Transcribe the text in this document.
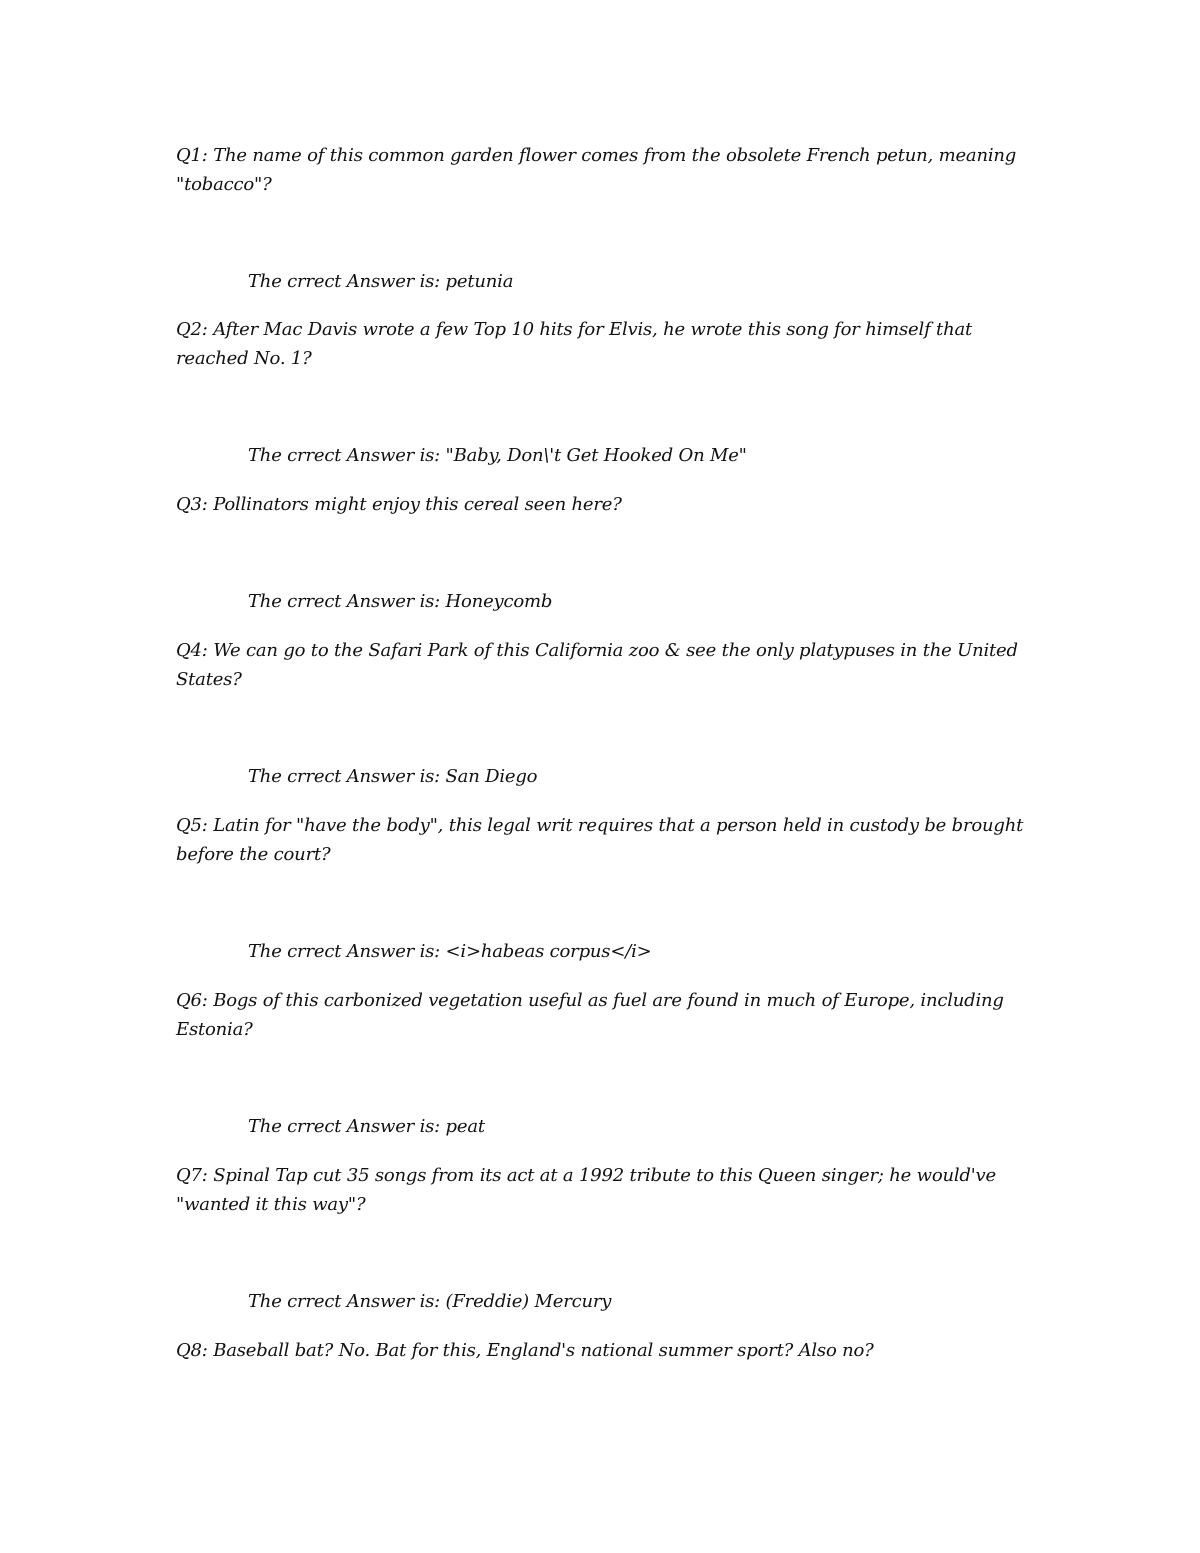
Q1: The name of this common garden flower comes from the obsolete French petun, meaning
"tobacco"?
The crrect Answer is: petunia
Q2: After Mac Davis wrote a few Top 10 hits for Elvis, he wrote this song for himself that
reached No. 1?
The crrect Answer is: "Baby, Don\'t Get Hooked On Me"
Q3: Pollinators might enjoy this cereal seen here?
The crrect Answer is: Honeycomb
Q4: We can go to the Safari Park of this California zoo & see the only platypuses in the United
States?
The crrect Answer is: San Diego
Q5: Latin for "have the body", this legal writ requires that a person held in custody be brought
before the court?
The crrect Answer is: <i>habeas corpus</i>
Q6: Bogs of this carbonized vegetation useful as fuel are found in much of Europe, including
Estonia?
The crrect Answer is: peat
Q7: Spinal Tap cut 35 songs from its act at a 1992 tribute to this Queen singer; he would've
"wanted it this way"?
The crrect Answer is: (Freddie) Mercury
Q8: Baseball bat? No. Bat for this, England's national summer sport? Also no?
